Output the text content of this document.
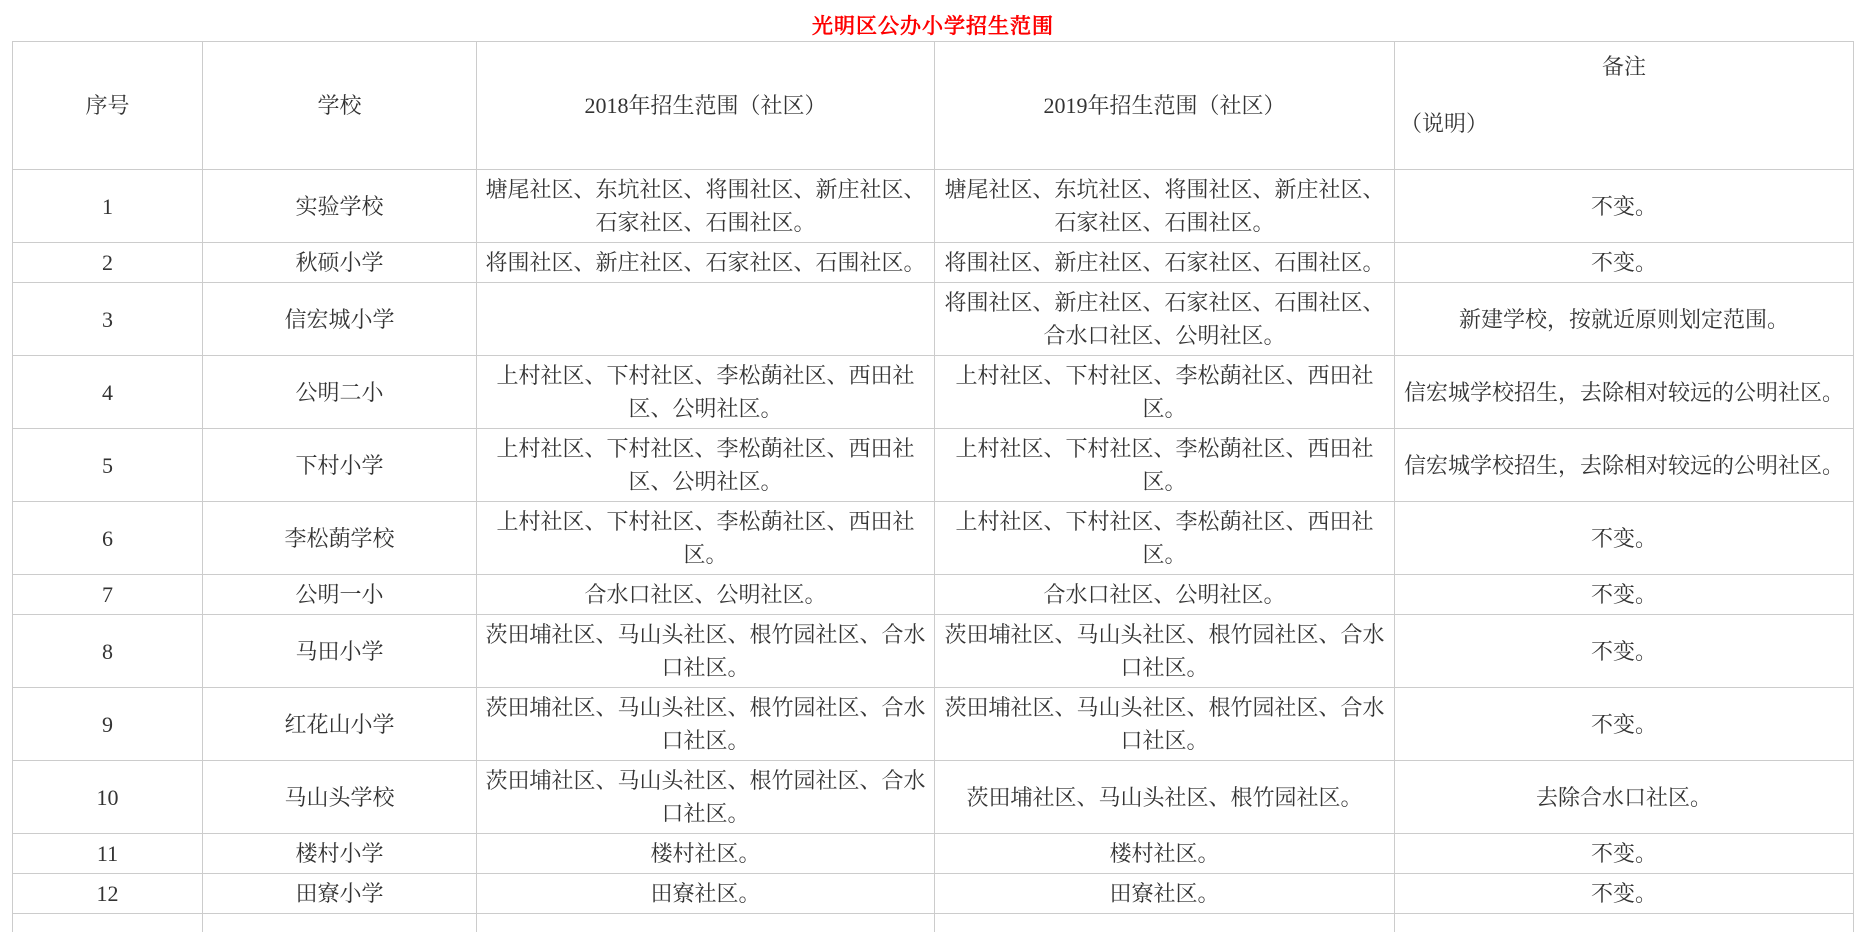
光明区公办小学招生范围
序号	学校	2018年招生范围（社区）	2019年招生范围（社区）	备注
（说明）

1	实验学校	塘尾社区、东坑社区、将围社区、新庄社区、石家社区、石围社区。	塘尾社区、东坑社区、将围社区、新庄社区、石家社区、石围社区。	不变。
2	秋硕小学	将围社区、新庄社区、石家社区、石围社区。	将围社区、新庄社区、石家社区、石围社区。	不变。
3	信宏城小学		将围社区、新庄社区、石家社区、石围社区、合水口社区、公明社区。	新建学校，按就近原则划定范围。
4	公明二小	上村社区、下村社区、李松蓢社区、西田社区、公明社区。	上村社区、下村社区、李松蓢社区、西田社区。	信宏城学校招生，去除相对较远的公明社区。
5	下村小学	上村社区、下村社区、李松蓢社区、西田社区、公明社区。	上村社区、下村社区、李松蓢社区、西田社区。	信宏城学校招生，去除相对较远的公明社区。
6	李松蓢学校	上村社区、下村社区、李松蓢社区、西田社区。	上村社区、下村社区、李松蓢社区、西田社区。	不变。
7	公明一小	合水口社区、公明社区。	合水口社区、公明社区。	不变。
8	马田小学	茨田埔社区、马山头社区、根竹园社区、合水口社区。	茨田埔社区、马山头社区、根竹园社区、合水口社区。	不变。
9	红花山小学	茨田埔社区、马山头社区、根竹园社区、合水口社区。	茨田埔社区、马山头社区、根竹园社区、合水口社区。	不变。
10	马山头学校	茨田埔社区、马山头社区、根竹园社区、合水口社区。	茨田埔社区、马山头社区、根竹园社区。	去除合水口社区。
11	楼村小学	楼村社区。	楼村社区。	不变。
12	田寮小学	田寮社区。	田寮社区。	不变。
